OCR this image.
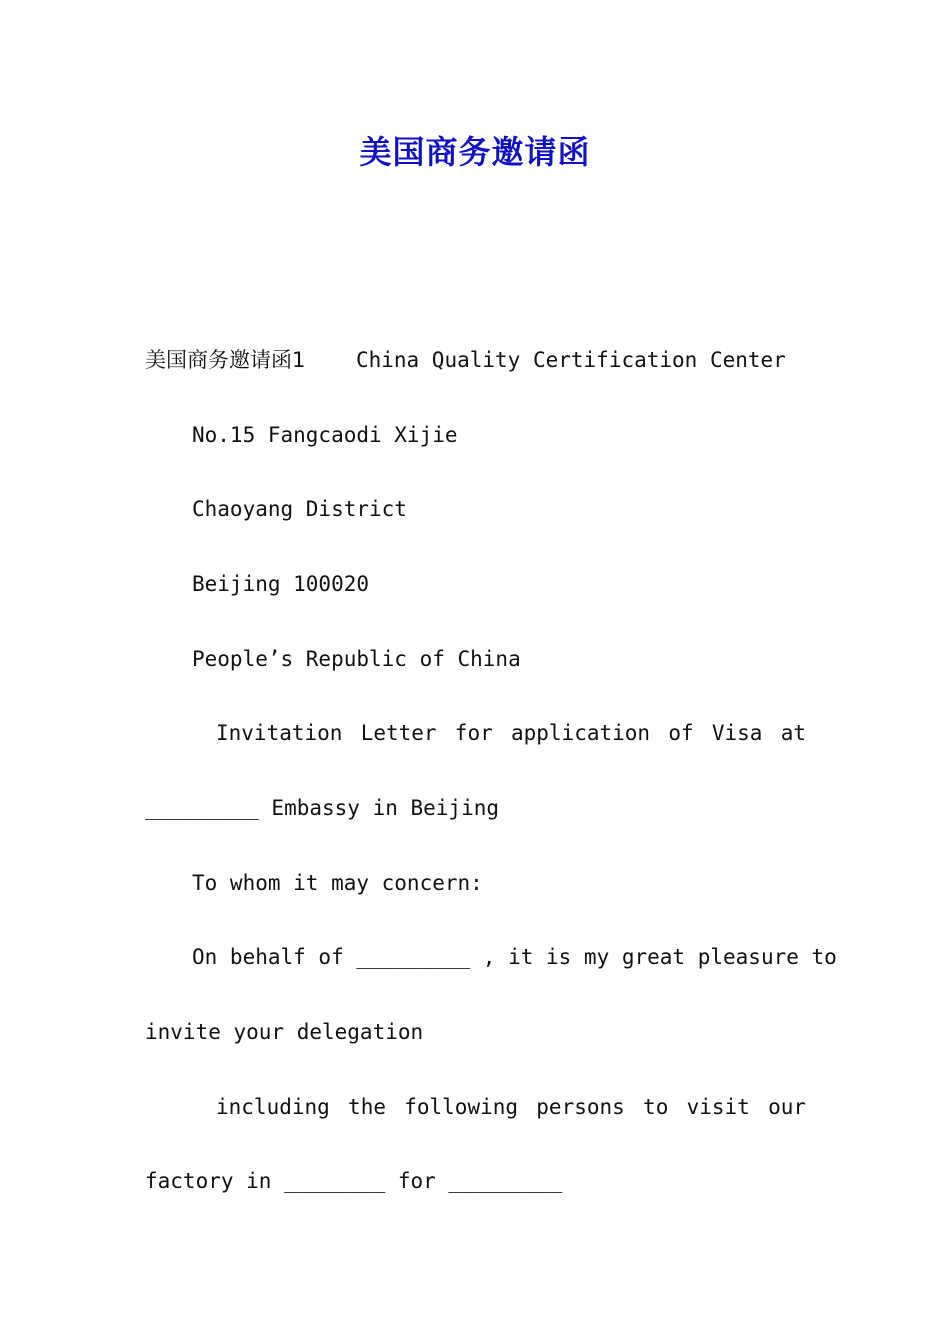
美国商务邀请函
美国商务邀请函1 China Quality Certification Center
No.15 Fangcaodi Xijie
Chaoyang District
Beijing 100020
People’s Republic of China
Invitation Letter for application of Visa at
_________ Embassy in Beijing
To whom it may concern:
On behalf of _________ , it is my great pleasure to
invite your delegation
including the following persons to visit our
factory in ________ for _________
